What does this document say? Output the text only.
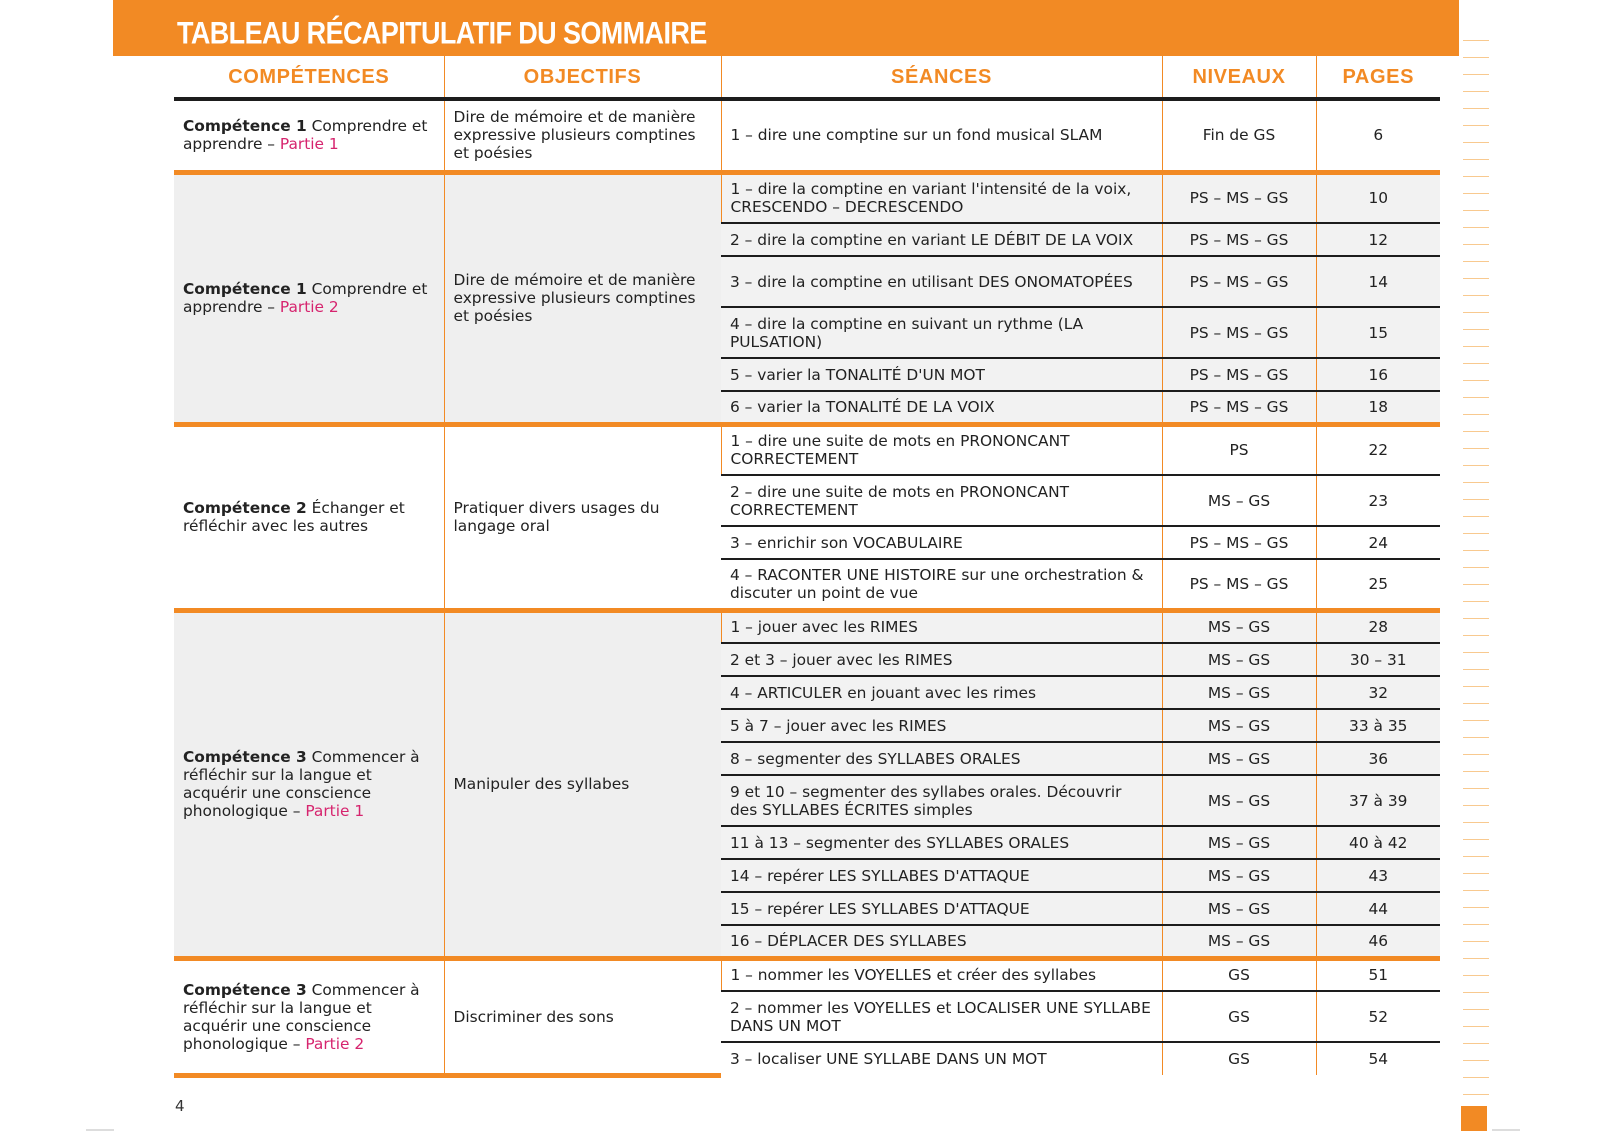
TABLEAU RÉCAPITULATIF DU SOMMAIRE
4
COMPÉTENCES	OBJECTIFS	SÉANCES	NIVEAUX	PAGES
Compétence 1 Comprendre et apprendre – Partie 1	Dire de mémoire et de manière expressive plusieurs comptines et poésies	1 – dire une comptine sur un fond musical SLAM	Fin de GS	6
Compétence 1 Comprendre et apprendre – Partie 2	Dire de mémoire et de manière expressive plusieurs comptines et poésies	1 – dire la comptine en variant l'intensité de la voix, CRESCENDO – DECRESCENDO	PS – MS – GS	10
		2 – dire la comptine en variant LE DÉBIT DE LA VOIX	PS – MS – GS	12
		3 – dire la comptine en utilisant DES ONOMATOPÉES	PS – MS – GS	14
		4 – dire la comptine en suivant un rythme (LA PULSATION)	PS – MS – GS	15
		5 – varier la TONALITÉ D'UN MOT	PS – MS – GS	16
		6 – varier la TONALITÉ DE LA VOIX	PS – MS – GS	18
Compétence 2 Échanger et réfléchir avec les autres	Pratiquer divers usages du langage oral	1 – dire une suite de mots en PRONONCANT CORRECTEMENT	PS	22
		2 – dire une suite de mots en PRONONCANT CORRECTEMENT	MS – GS	23
		3 – enrichir son VOCABULAIRE	PS – MS – GS	24
		4 – RACONTER UNE HISTOIRE sur une orchestration & discuter un point de vue	PS – MS – GS	25
Compétence 3 Commencer à réfléchir sur la langue et acquérir une conscience phonologique – Partie 1	Manipuler des syllabes	1 – jouer avec les RIMES	MS – GS	28
		2 et 3 – jouer avec les RIMES	MS – GS	30 – 31
		4 – ARTICULER en jouant avec les rimes	MS – GS	32
		5 à 7 – jouer avec les RIMES	MS – GS	33 à 35
		8 – segmenter des SYLLABES ORALES	MS – GS	36
		9 et 10 – segmenter des syllabes orales. Découvrir des SYLLABES ÉCRITES simples	MS – GS	37 à 39
		11 à 13 – segmenter des SYLLABES ORALES	MS – GS	40 à 42
		14 – repérer LES SYLLABES D'ATTAQUE	MS – GS	43
		15 – repérer LES SYLLABES D'ATTAQUE	MS – GS	44
		16 – DÉPLACER DES SYLLABES	MS – GS	46
Compétence 3 Commencer à réfléchir sur la langue et acquérir une conscience phonologique – Partie 2	Discriminer des sons	1 – nommer les VOYELLES et créer des syllabes	GS	51
		2 – nommer les VOYELLES et LOCALISER UNE SYLLABE DANS UN MOT	GS	52
		3 – localiser UNE SYLLABE DANS UN MOT	GS	54
